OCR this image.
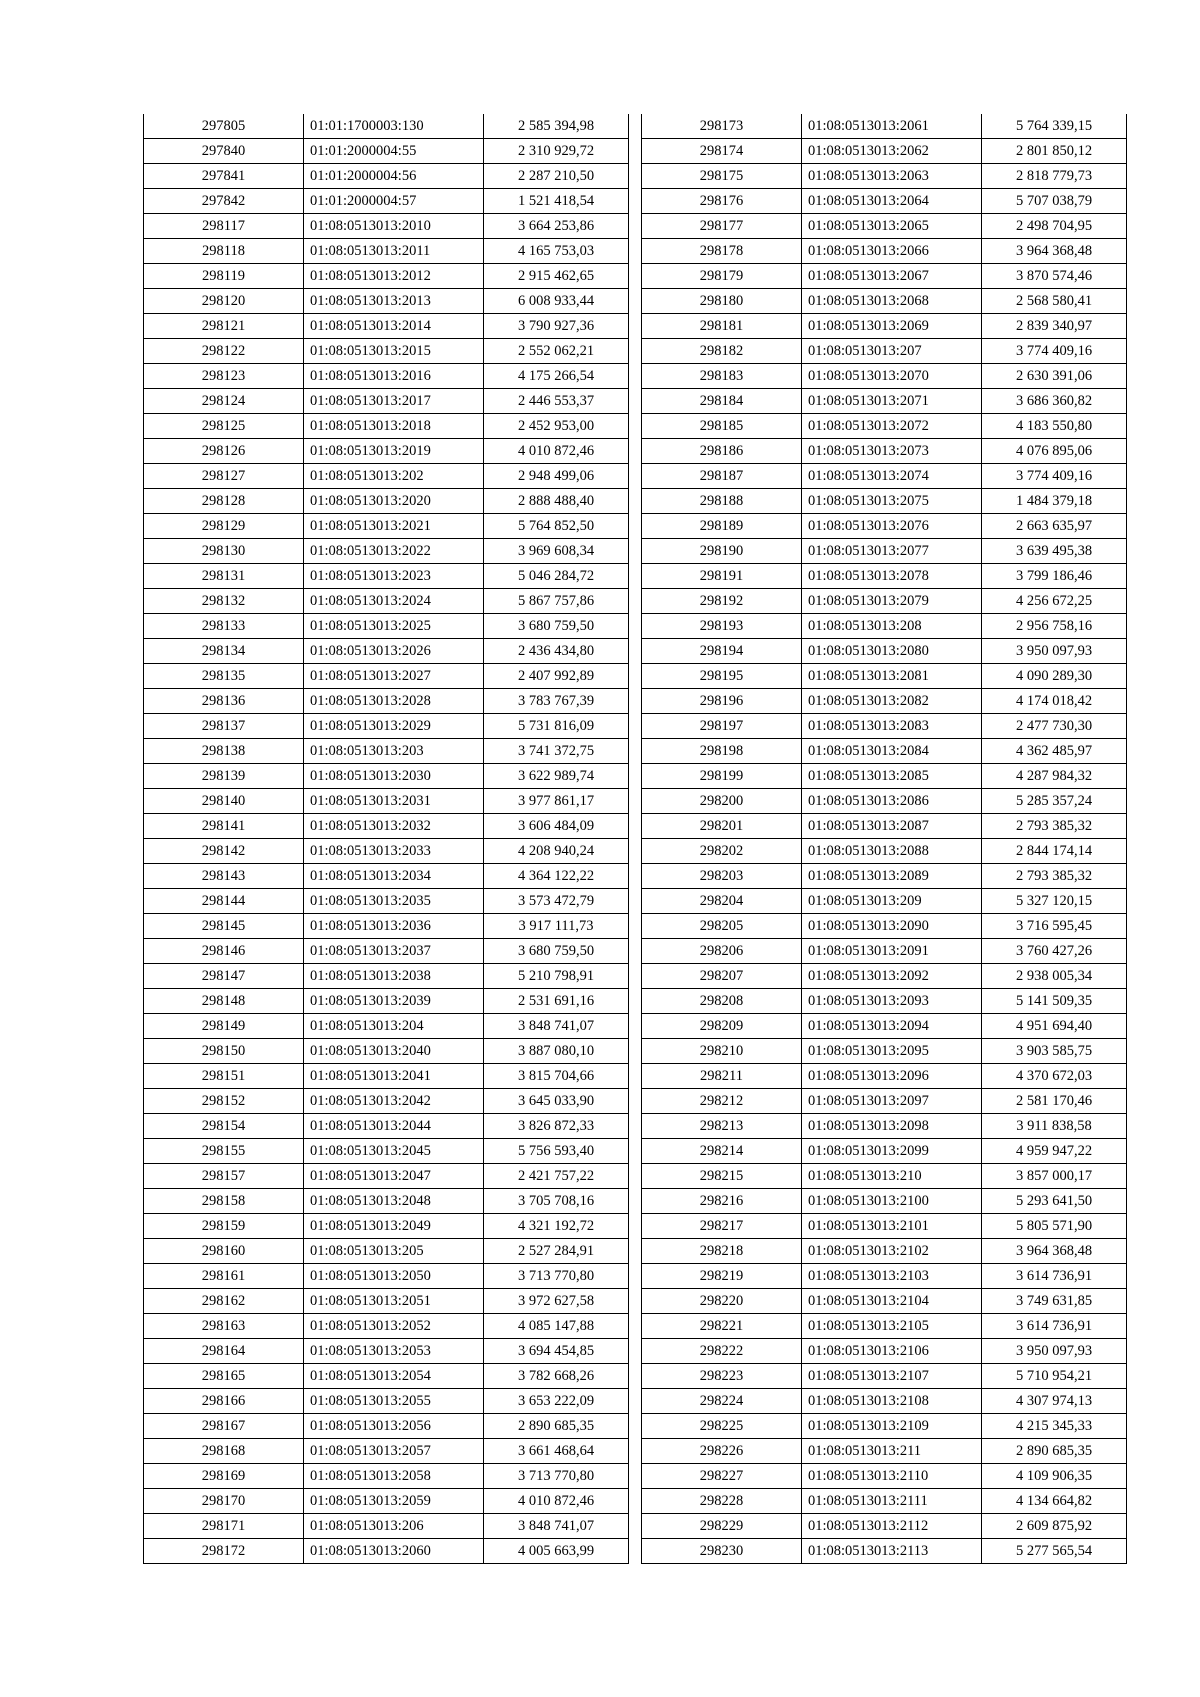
297805	01:01:1700003:130	2 585 394,98
297840	01:01:2000004:55	2 310 929,72
297841	01:01:2000004:56	2 287 210,50
297842	01:01:2000004:57	1 521 418,54
298117	01:08:0513013:2010	3 664 253,86
298118	01:08:0513013:2011	4 165 753,03
298119	01:08:0513013:2012	2 915 462,65
298120	01:08:0513013:2013	6 008 933,44
298121	01:08:0513013:2014	3 790 927,36
298122	01:08:0513013:2015	2 552 062,21
298123	01:08:0513013:2016	4 175 266,54
298124	01:08:0513013:2017	2 446 553,37
298125	01:08:0513013:2018	2 452 953,00
298126	01:08:0513013:2019	4 010 872,46
298127	01:08:0513013:202	2 948 499,06
298128	01:08:0513013:2020	2 888 488,40
298129	01:08:0513013:2021	5 764 852,50
298130	01:08:0513013:2022	3 969 608,34
298131	01:08:0513013:2023	5 046 284,72
298132	01:08:0513013:2024	5 867 757,86
298133	01:08:0513013:2025	3 680 759,50
298134	01:08:0513013:2026	2 436 434,80
298135	01:08:0513013:2027	2 407 992,89
298136	01:08:0513013:2028	3 783 767,39
298137	01:08:0513013:2029	5 731 816,09
298138	01:08:0513013:203	3 741 372,75
298139	01:08:0513013:2030	3 622 989,74
298140	01:08:0513013:2031	3 977 861,17
298141	01:08:0513013:2032	3 606 484,09
298142	01:08:0513013:2033	4 208 940,24
298143	01:08:0513013:2034	4 364 122,22
298144	01:08:0513013:2035	3 573 472,79
298145	01:08:0513013:2036	3 917 111,73
298146	01:08:0513013:2037	3 680 759,50
298147	01:08:0513013:2038	5 210 798,91
298148	01:08:0513013:2039	2 531 691,16
298149	01:08:0513013:204	3 848 741,07
298150	01:08:0513013:2040	3 887 080,10
298151	01:08:0513013:2041	3 815 704,66
298152	01:08:0513013:2042	3 645 033,90
298154	01:08:0513013:2044	3 826 872,33
298155	01:08:0513013:2045	5 756 593,40
298157	01:08:0513013:2047	2 421 757,22
298158	01:08:0513013:2048	3 705 708,16
298159	01:08:0513013:2049	4 321 192,72
298160	01:08:0513013:205	2 527 284,91
298161	01:08:0513013:2050	3 713 770,80
298162	01:08:0513013:2051	3 972 627,58
298163	01:08:0513013:2052	4 085 147,88
298164	01:08:0513013:2053	3 694 454,85
298165	01:08:0513013:2054	3 782 668,26
298166	01:08:0513013:2055	3 653 222,09
298167	01:08:0513013:2056	2 890 685,35
298168	01:08:0513013:2057	3 661 468,64
298169	01:08:0513013:2058	3 713 770,80
298170	01:08:0513013:2059	4 010 872,46
298171	01:08:0513013:206	3 848 741,07
298172	01:08:0513013:2060	4 005 663,99
298173	01:08:0513013:2061	5 764 339,15
298174	01:08:0513013:2062	2 801 850,12
298175	01:08:0513013:2063	2 818 779,73
298176	01:08:0513013:2064	5 707 038,79
298177	01:08:0513013:2065	2 498 704,95
298178	01:08:0513013:2066	3 964 368,48
298179	01:08:0513013:2067	3 870 574,46
298180	01:08:0513013:2068	2 568 580,41
298181	01:08:0513013:2069	2 839 340,97
298182	01:08:0513013:207	3 774 409,16
298183	01:08:0513013:2070	2 630 391,06
298184	01:08:0513013:2071	3 686 360,82
298185	01:08:0513013:2072	4 183 550,80
298186	01:08:0513013:2073	4 076 895,06
298187	01:08:0513013:2074	3 774 409,16
298188	01:08:0513013:2075	1 484 379,18
298189	01:08:0513013:2076	2 663 635,97
298190	01:08:0513013:2077	3 639 495,38
298191	01:08:0513013:2078	3 799 186,46
298192	01:08:0513013:2079	4 256 672,25
298193	01:08:0513013:208	2 956 758,16
298194	01:08:0513013:2080	3 950 097,93
298195	01:08:0513013:2081	4 090 289,30
298196	01:08:0513013:2082	4 174 018,42
298197	01:08:0513013:2083	2 477 730,30
298198	01:08:0513013:2084	4 362 485,97
298199	01:08:0513013:2085	4 287 984,32
298200	01:08:0513013:2086	5 285 357,24
298201	01:08:0513013:2087	2 793 385,32
298202	01:08:0513013:2088	2 844 174,14
298203	01:08:0513013:2089	2 793 385,32
298204	01:08:0513013:209	5 327 120,15
298205	01:08:0513013:2090	3 716 595,45
298206	01:08:0513013:2091	3 760 427,26
298207	01:08:0513013:2092	2 938 005,34
298208	01:08:0513013:2093	5 141 509,35
298209	01:08:0513013:2094	4 951 694,40
298210	01:08:0513013:2095	3 903 585,75
298211	01:08:0513013:2096	4 370 672,03
298212	01:08:0513013:2097	2 581 170,46
298213	01:08:0513013:2098	3 911 838,58
298214	01:08:0513013:2099	4 959 947,22
298215	01:08:0513013:210	3 857 000,17
298216	01:08:0513013:2100	5 293 641,50
298217	01:08:0513013:2101	5 805 571,90
298218	01:08:0513013:2102	3 964 368,48
298219	01:08:0513013:2103	3 614 736,91
298220	01:08:0513013:2104	3 749 631,85
298221	01:08:0513013:2105	3 614 736,91
298222	01:08:0513013:2106	3 950 097,93
298223	01:08:0513013:2107	5 710 954,21
298224	01:08:0513013:2108	4 307 974,13
298225	01:08:0513013:2109	4 215 345,33
298226	01:08:0513013:211	2 890 685,35
298227	01:08:0513013:2110	4 109 906,35
298228	01:08:0513013:2111	4 134 664,82
298229	01:08:0513013:2112	2 609 875,92
298230	01:08:0513013:2113	5 277 565,54
